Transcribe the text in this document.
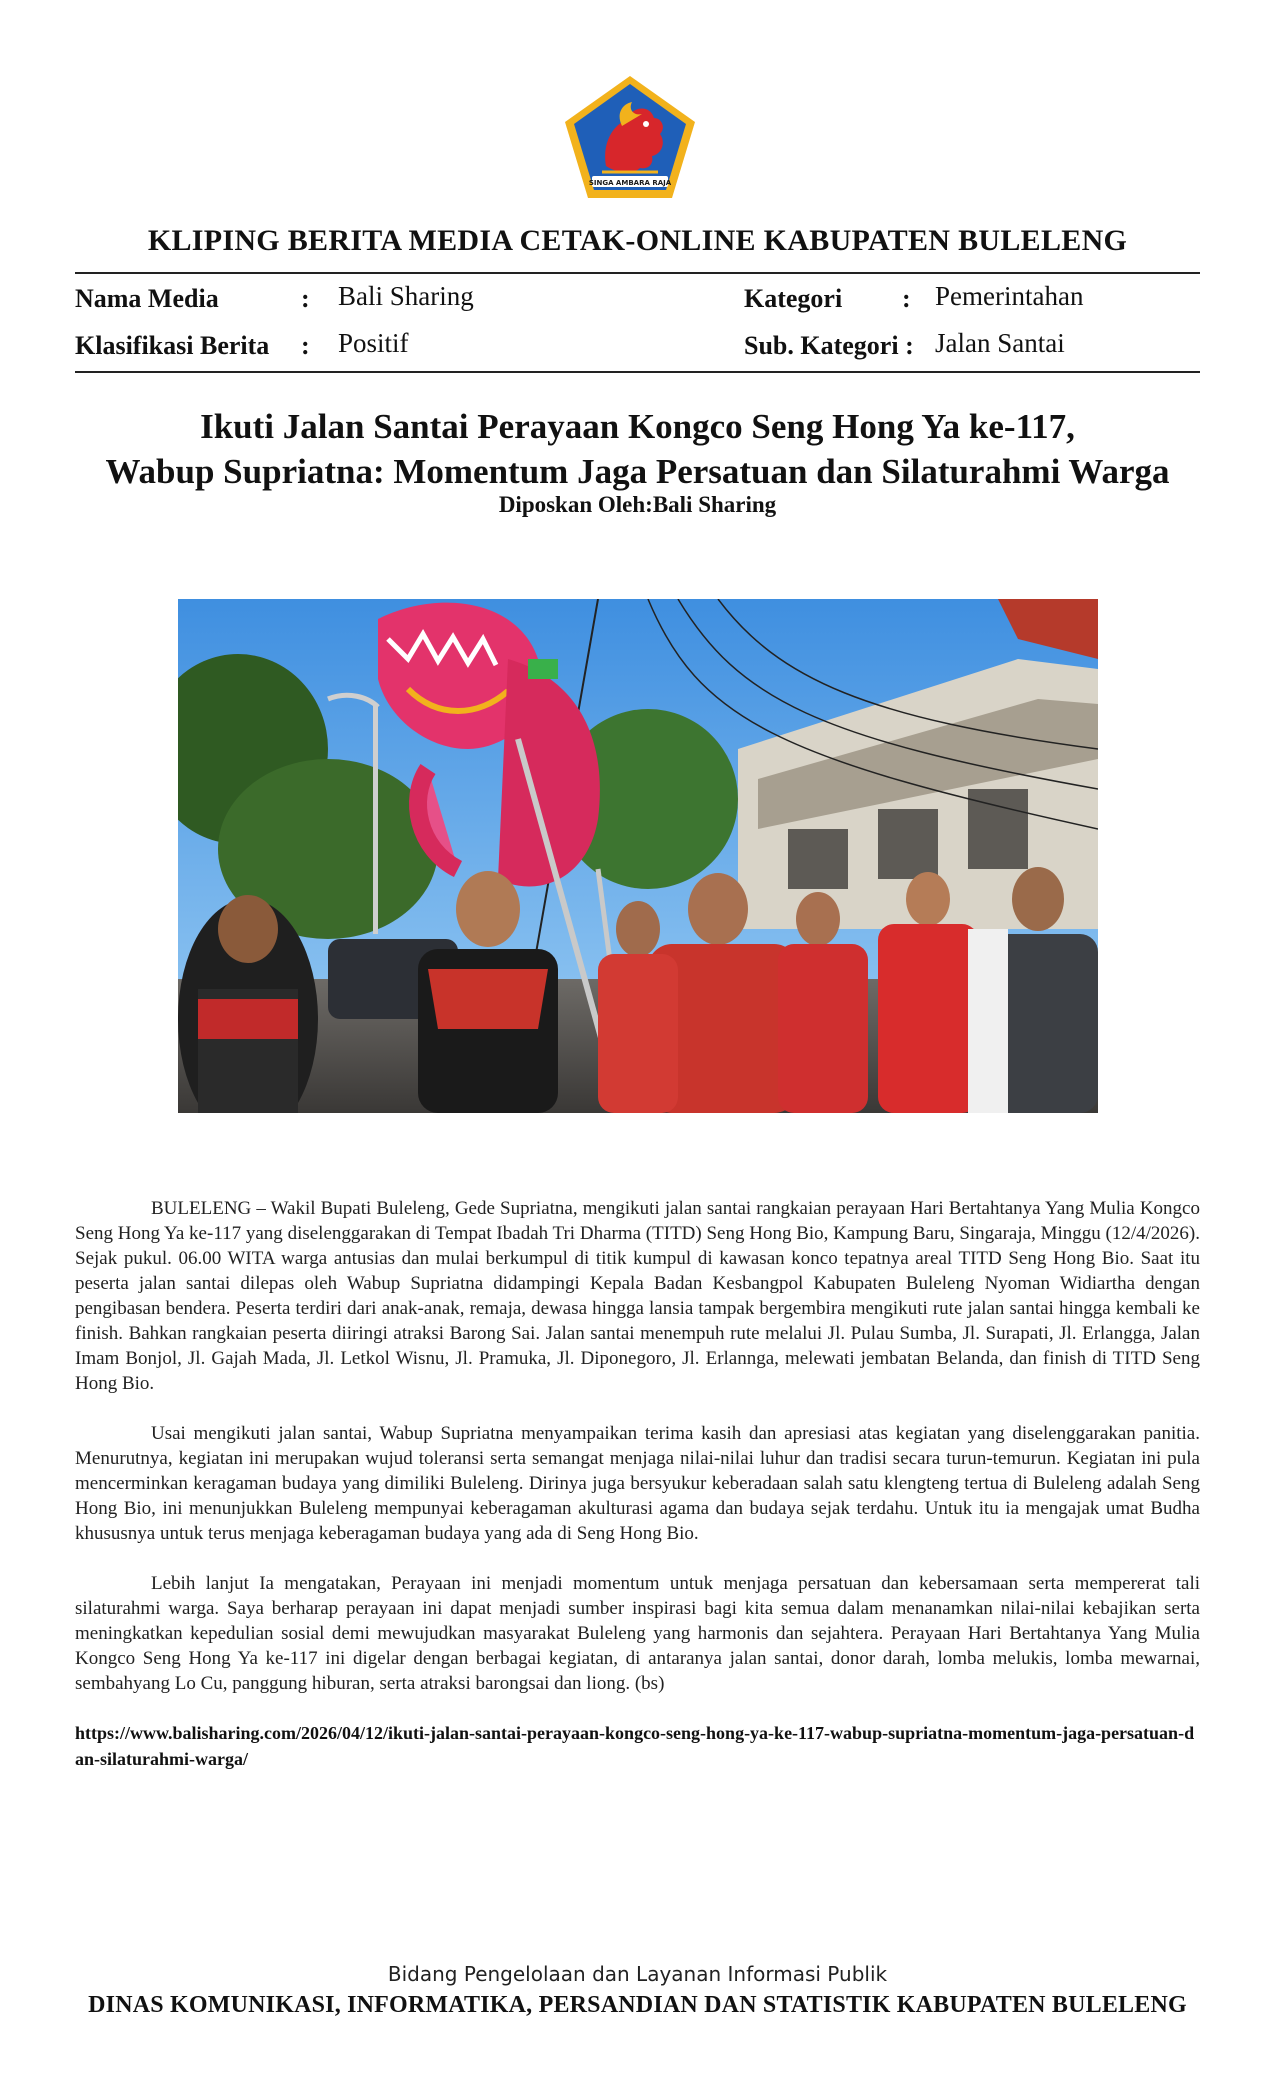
SINGA AMBARA RAJA
KLIPING BERITA MEDIA CETAK-ONLINE KABUPATEN BULELENG
Nama Media	: Bali Sharing	Kategori : Pemerintahan
Klasifikasi Berita : Positif	Sub. Kategori : Jalan Santai
Ikuti Jalan Santai Perayaan Kongco Seng Hong Ya ke-117,
Wabup Supriatna: Momentum Jaga Persatuan dan Silaturahmi Warga
Diposkan Oleh:Bali Sharing

BULELENG – Wakil Bupati Buleleng, Gede Supriatna, mengikuti jalan santai rangkaian perayaan Hari Bertahtanya Yang Mulia Kongco Seng Hong Ya ke-117 yang diselenggarakan di Tempat Ibadah Tri Dharma (TITD) Seng Hong Bio, Kampung Baru, Singaraja, Minggu (12/4/2026). Sejak pukul. 06.00 WITA warga antusias dan mulai berkumpul di titik kumpul di kawasan konco tepatnya areal TITD Seng Hong Bio. Saat itu peserta jalan santai dilepas oleh Wabup Supriatna didampingi Kepala Badan Kesbangpol Kabupaten Buleleng Nyoman Widiartha dengan pengibasan bendera. Peserta terdiri dari anak-anak, remaja, dewasa hingga lansia tampak bergembira mengikuti rute jalan santai hingga kembali ke finish. Bahkan rangkaian peserta diiringi atraksi Barong Sai. Jalan santai menempuh rute melalui Jl. Pulau Sumba, Jl. Surapati, Jl. Erlangga, Jalan Imam Bonjol, Jl. Gajah Mada, Jl. Letkol Wisnu, Jl. Pramuka, Jl. Diponegoro, Jl. Erlannga, melewati jembatan Belanda, dan finish di TITD Seng Hong Bio.

Usai mengikuti jalan santai, Wabup Supriatna menyampaikan terima kasih dan apresiasi atas kegiatan yang diselenggarakan panitia. Menurutnya, kegiatan ini merupakan wujud toleransi serta semangat menjaga nilai-nilai luhur dan tradisi secara turun-temurun. Kegiatan ini pula mencerminkan keragaman budaya yang dimiliki Buleleng. Dirinya juga bersyukur keberadaan salah satu klengteng tertua di Buleleng adalah Seng Hong Bio, ini menunjukkan Buleleng mempunyai keberagaman akulturasi agama dan budaya sejak terdahu. Untuk itu ia mengajak umat Budha khususnya untuk terus menjaga keberagaman budaya yang ada di Seng Hong Bio.

Lebih lanjut Ia mengatakan, Perayaan ini menjadi momentum untuk menjaga persatuan dan kebersamaan serta mempererat tali silaturahmi warga. Saya berharap perayaan ini dapat menjadi sumber inspirasi bagi kita semua dalam menanamkan nilai-nilai kebajikan serta meningkatkan kepedulian sosial demi mewujudkan masyarakat Buleleng yang harmonis dan sejahtera. Perayaan Hari Bertahtanya Yang Mulia Kongco Seng Hong Ya ke-117 ini digelar dengan berbagai kegiatan, di antaranya jalan santai, donor darah, lomba melukis, lomba mewarnai, sembahyang Lo Cu, panggung hiburan, serta atraksi barongsai dan liong. (bs)

https://www.balisharing.com/2026/04/12/ikuti-jalan-santai-perayaan-kongco-seng-hong-ya-ke-117-wabup-supriatna-momentum-jaga-persatuan-dan-silaturahmi-warga/
Bidang Pengelolaan dan Layanan Informasi Publik
DINAS KOMUNIKASI, INFORMATIKA, PERSANDIAN DAN STATISTIK KABUPATEN BULELENG
